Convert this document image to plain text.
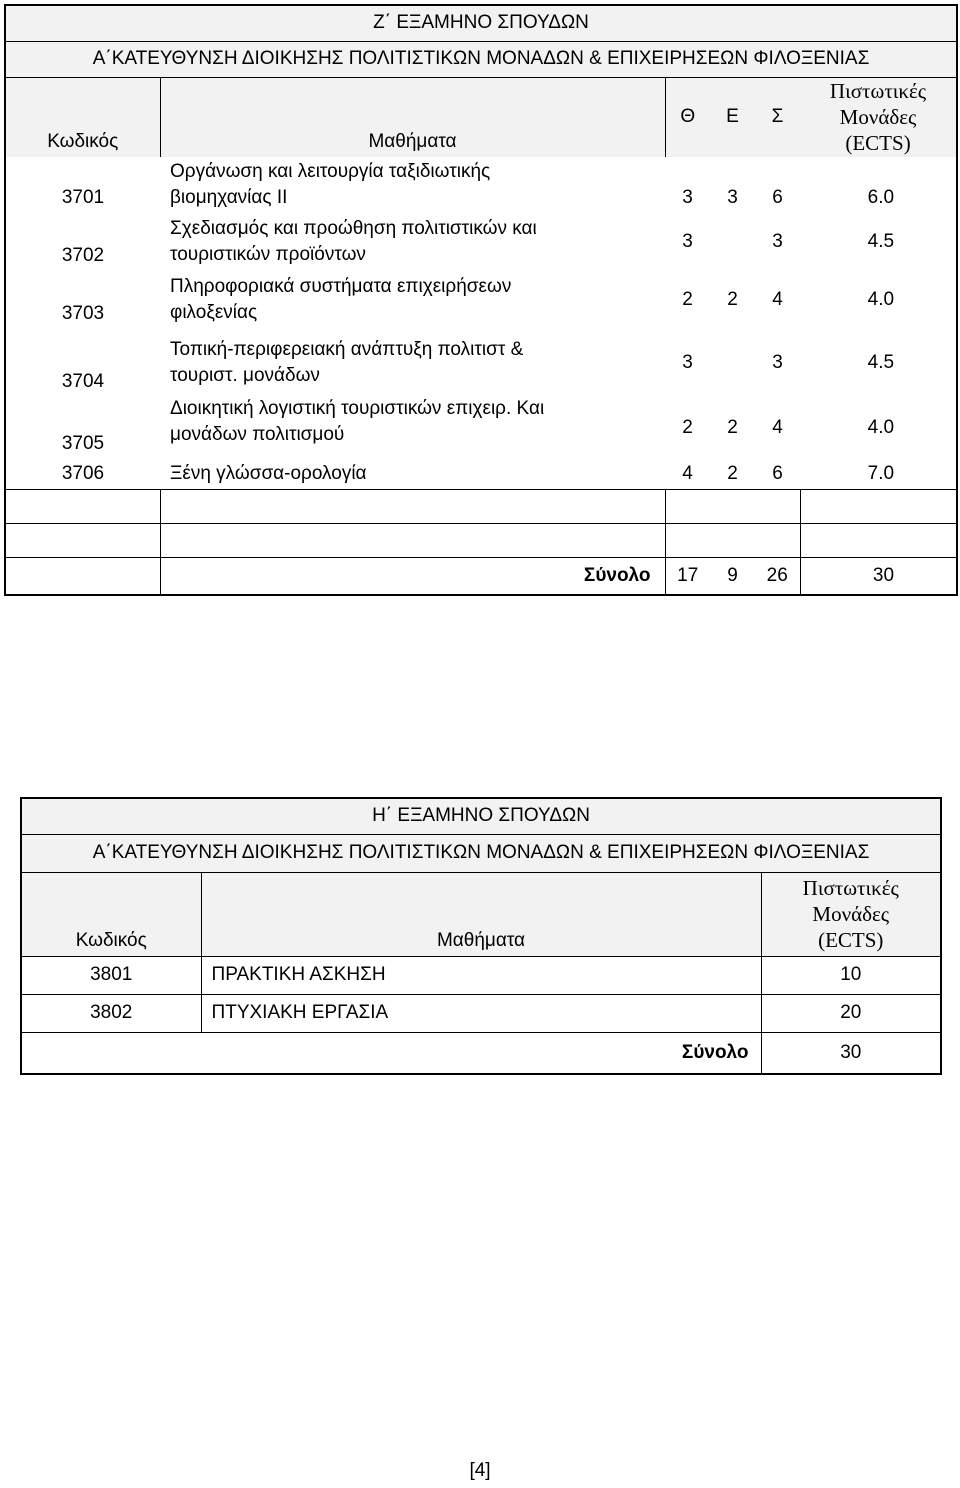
Ζ΄ ΕΞΑΜΗΝΟ ΣΠΟΥΔΩΝ					
Α΄ΚΑΤΕΥΘΥΝΣΗ ΔΙΟΙΚΗΣΗΣ ΠΟΛΙΤΙΣΤΙΚΩΝ ΜΟΝΑΔΩΝ & ΕΠΙΧΕΙΡΗΣΕΩΝ ΦΙΛΟΞΕΝΙΑΣ					
Κωδικός	Μαθήματα	Θ	Ε	Σ	Πιστωτικές
Μονάδες
(ECTS)

3701	Οργάνωση και λειτουργία ταξιδιωτικής
βιομηχανίας ΙΙ	3	3	6	6.0
3702	Σχεδιασμός και προώθηση πολιτιστικών και
τουριστικών προϊόντων	3		3	4.5
3703	Πληροφοριακά συστήματα επιχειρήσεων
φιλοξενίας	2	2	4	4.0
3704	Τοπική-περιφερειακή ανάπτυξη πολιτιστ &
τουριστ. μονάδων	3		3	4.5
3705	Διοικητική λογιστική τουριστικών επιχειρ. Και
μονάδων πολιτισμού	2	2	4	4.0
3706	Ξένη γλώσσα-ορολογία	4	2	6	7.0

	Σύνολο	17	9	26	30
Η΄ ΕΞΑΜΗΝΟ ΣΠΟΥΔΩΝ		
Α΄ΚΑΤΕΥΘΥΝΣΗ ΔΙΟΙΚΗΣΗΣ ΠΟΛΙΤΙΣΤΙΚΩΝ ΜΟΝΑΔΩΝ & ΕΠΙΧΕΙΡΗΣΕΩΝ ΦΙΛΟΞΕΝΙΑΣ		
Κωδικός	Μαθήματα	Πιστωτικές
Μονάδες
(ECTS)

3801	ΠΡΑΚΤΙΚΗ ΑΣΚΗΣΗ	10
3802	ΠΤΥΧΙΑΚΗ ΕΡΓΑΣΙΑ	20
Σύνολο		30
[4]
